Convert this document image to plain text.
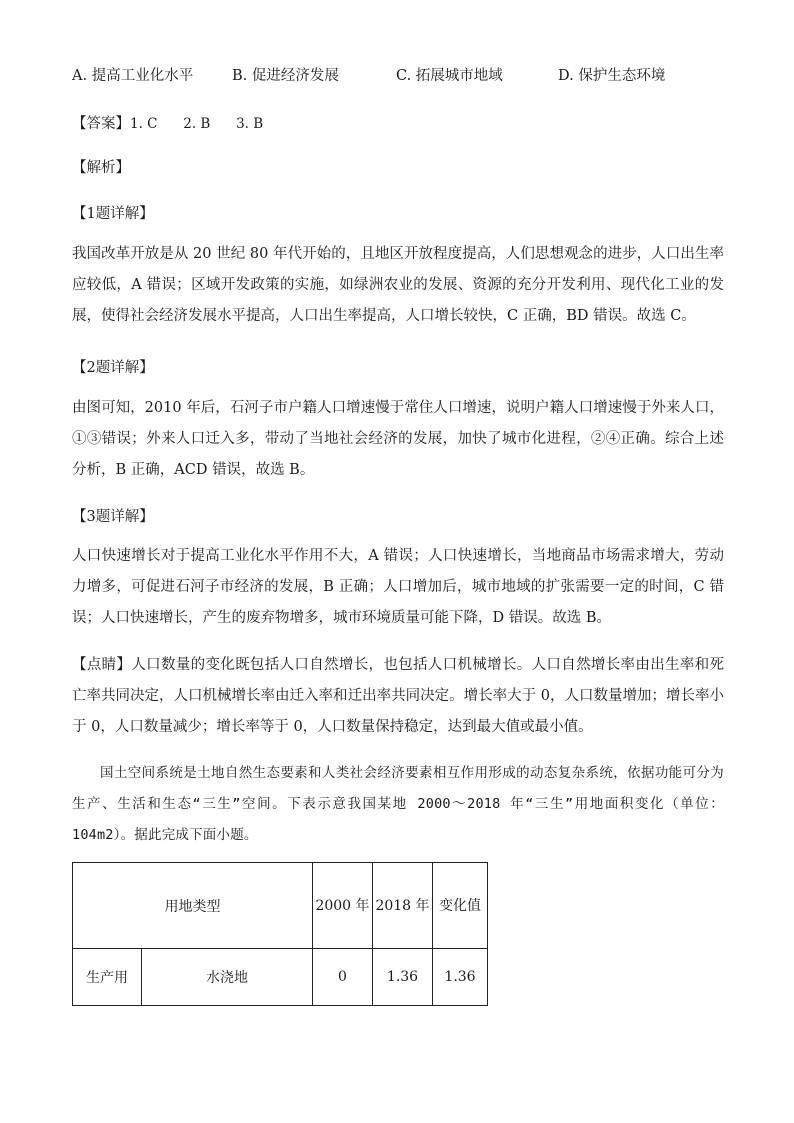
A. 提高工业化水平	B. 促进经济发展	C. 拓展城市地域	D. 保护生态环境
【答案】1. C      2. B      3. B
【解析】
【1题详解】

我国改革开放是从 20 世纪 80 年代开始的，且地区开放程度提高，人们思想观念的进步，人口出生率应较低，A 错误；区域开发政策的实施，如绿洲农业的发展、资源的充分开发利用、现代化工业的发展，使得社会经济发展水平提高，人口出生率提高，人口增长较快，C 正确，BD 错误。故选 C。

【2题详解】

由图可知，2010 年后，石河子市户籍人口增速慢于常住人口增速，说明户籍人口增速慢于外来人口，①③错误；外来人口迁入多，带动了当地社会经济的发展，加快了城市化进程，②④正确。综合上述分析，B 正确，ACD 错误，故选 B。

【3题详解】

人口快速增长对于提高工业化水平作用不大，A 错误；人口快速增长，当地商品市场需求增大，劳动力增多，可促进石河子市经济的发展，B 正确；人口增加后，城市地域的扩张需要一定的时间，C 错误；人口快速增长，产生的废弃物增多，城市环境质量可能下降，D 错误。故选 B。

【点睛】人口数量的变化既包括人口自然增长，也包括人口机械增长。人口自然增长率由出生率和死亡率共同决定，人口机械增长率由迁入率和迁出率共同决定。增长率大于 0，人口数量增加；增长率小于 0，人口数量减少；增长率等于 0，人口数量保持稳定，达到最大值或最小值。

国土空间系统是土地自然生态要素和人类社会经济要素相互作用形成的动态复杂系统，依据功能可分为生产、生活和生态“三生”空间。下表示意我国某地 2000～2018 年“三生”用地面积变化（单位：104m2）。据此完成下面小题。

用地类型		2000 年	2018 年	变化值
生产用	水浇地	0	1.36	1.36
